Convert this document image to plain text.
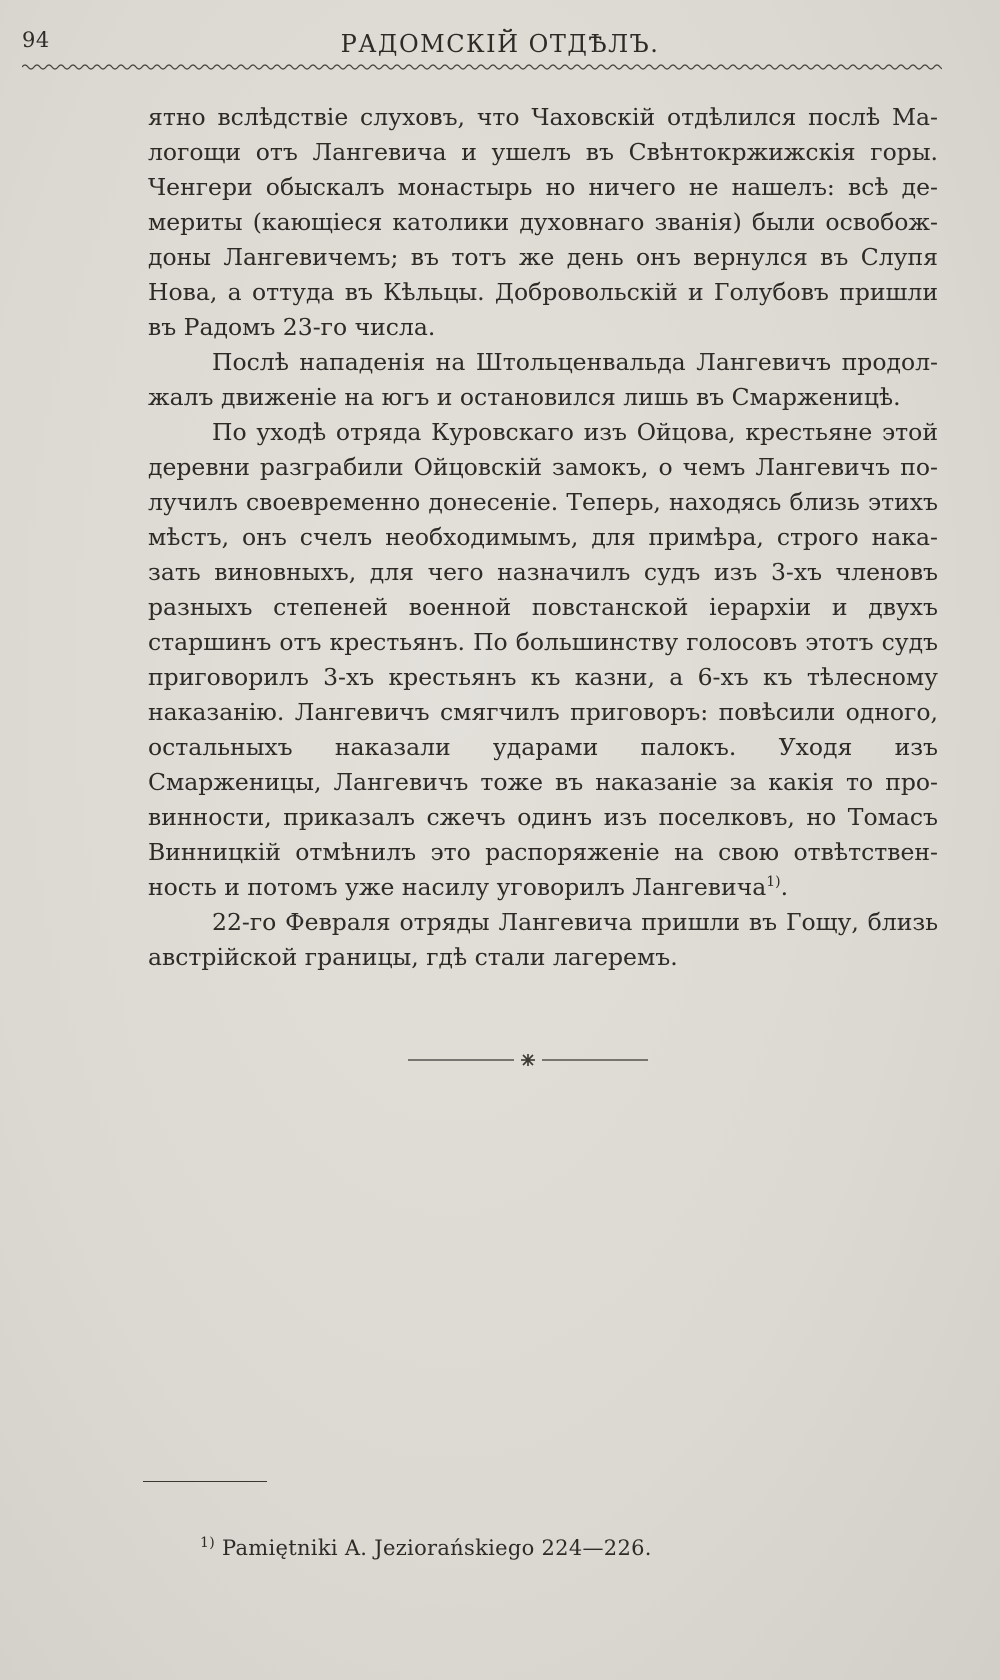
94	РАДОМСКІЙ ОТДѢЛЪ.

ятно вслѣдствіе слуховъ, что Чаховскій отдѣлился послѣ Малогощи отъ Лангевича и ушелъ въ Свѣнтокржижскія горы. Ченгери обыскалъ монастырь но ничего не нашелъ: всѣ демериты (кающіеся католики духовнаго званія) были освобождоны Лангевичемъ; въ тотъ же день онъ вернулся въ Слупя Нова, а оттуда въ Кѣльцы. Добровольскій и Голубовъ пришли въ Радомъ 23-го числа.

Послѣ нападенія на Штольценвальда Лангевичъ продолжалъ движеніе на югъ и остановился лишь въ Смарженицѣ.

По уходѣ отряда Куровскаго изъ Ойцова, крестьяне этой деревни разграбили Ойцовскій замокъ, о чемъ Лангевичъ получилъ своевременно донесеніе. Теперь, находясь близь этихъ мѣстъ, онъ счелъ необходимымъ, для примѣра, строго наказать виновныхъ, для чего назначилъ судъ изъ 3-хъ членовъ разныхъ степеней военной повстанской іерархіи и двухъ старшинъ отъ крестьянъ. По большинству голосовъ этотъ судъ приговорилъ 3-хъ крестьянъ къ казни, а 6-хъ къ тѣлесному наказанію. Лангевичъ смягчилъ приговоръ: повѣсили одного, остальныхъ наказали ударами палокъ. Уходя изъ Смарженицы, Лангевичъ тоже въ наказаніе за какія то провинности, приказалъ сжечъ одинъ изъ поселковъ, но Томасъ Винницкій отмѣнилъ это распоряженіе на свою отвѣтственность и потомъ уже насилу уговорилъ Лангевича$^{1)}$.

22-го Февраля отряды Лангевича пришли въ Гощу, близь австрійской границы, гдѣ стали лагеремъ.

$^{1)}$ Pamiętniki A. Jeziorańskiego 224—226.
